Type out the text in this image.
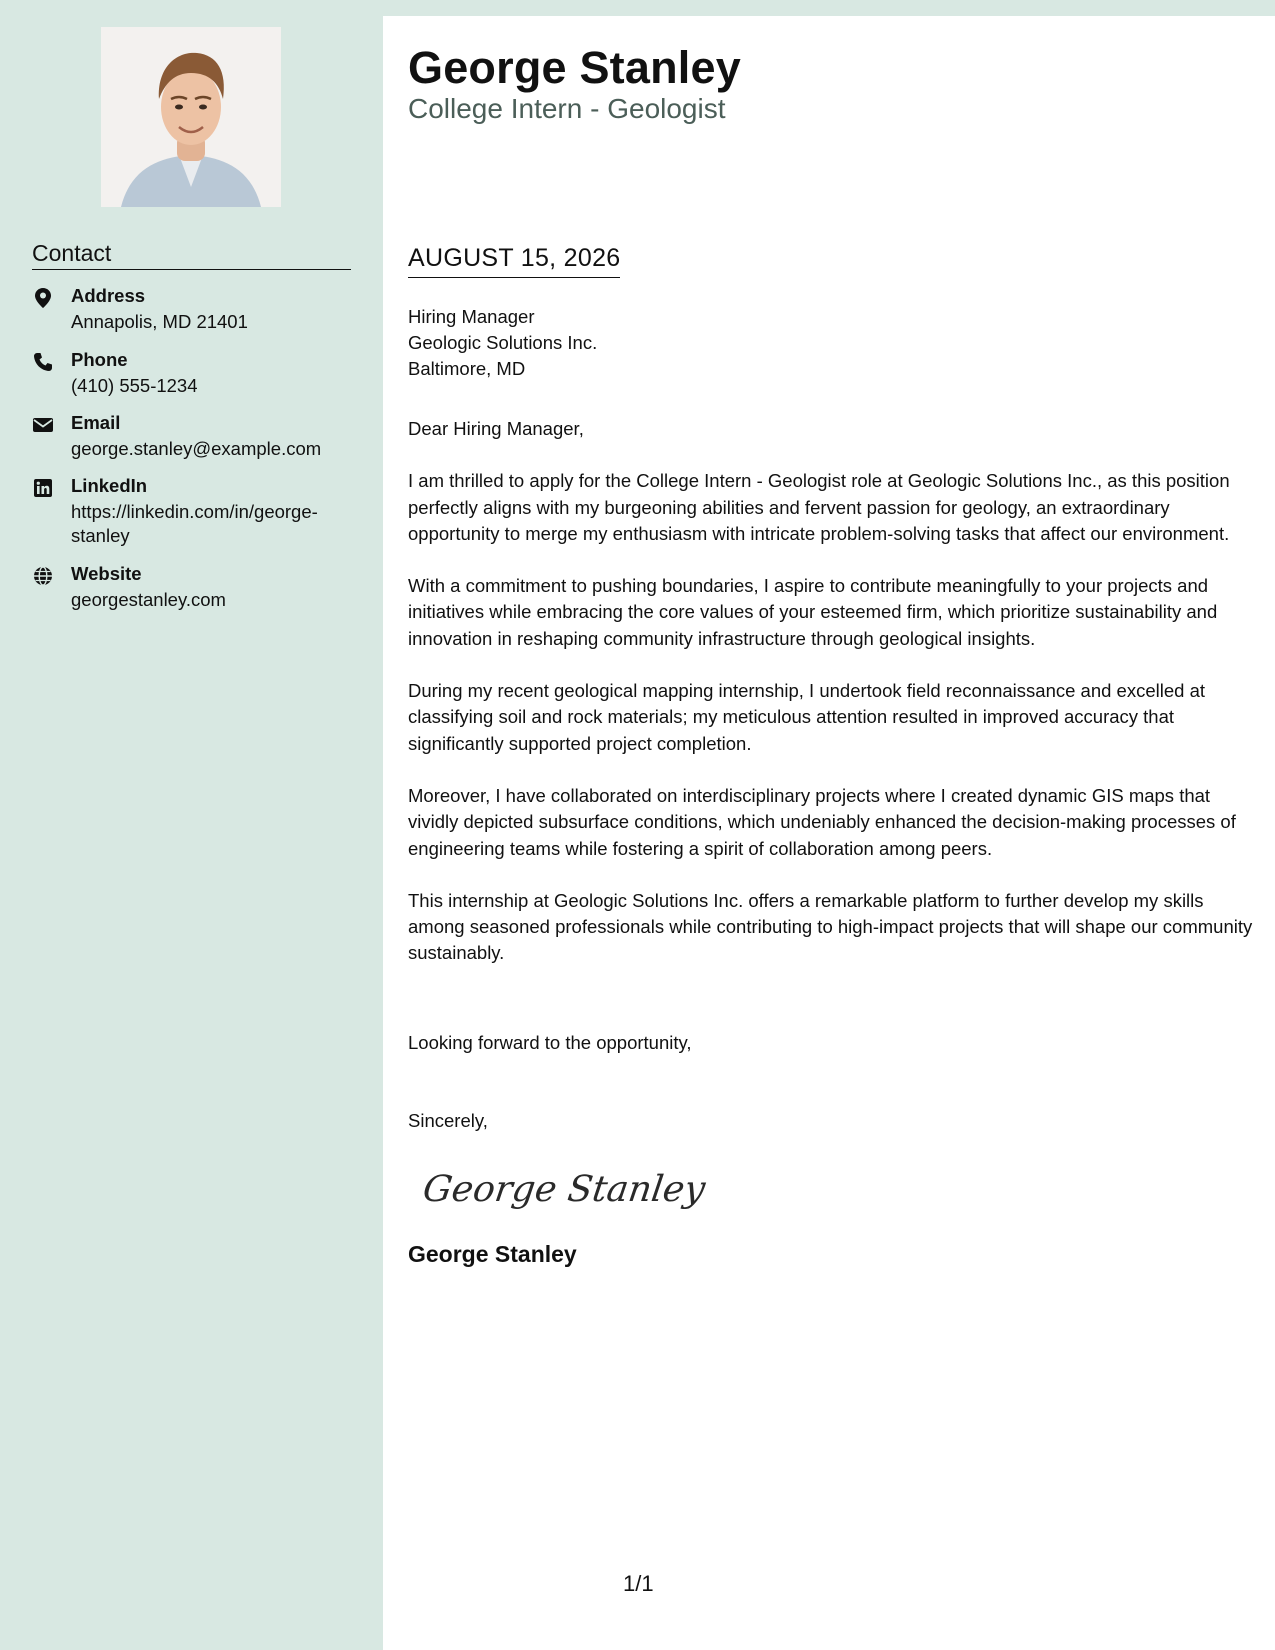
Contact
Address
Annapolis, MD 21401
Phone
(410) 555-1234
Email
george.stanley@example.com
LinkedIn
https://linkedin.com/in/george-stanley
Website
georgestanley.com
George Stanley
College Intern - Geologist
AUGUST 15, 2026
Hiring Manager
Geologic Solutions Inc.
Baltimore, MD

Dear Hiring Manager,

I am thrilled to apply for the College Intern - Geologist role at Geologic Solutions Inc., as this position perfectly aligns with my burgeoning abilities and fervent passion for geology, an extraordinary opportunity to merge my enthusiasm with intricate problem-solving tasks that affect our environment.

With a commitment to pushing boundaries, I aspire to contribute meaningfully to your projects and initiatives while embracing the core values of your esteemed firm, which prioritize sustainability and innovation in reshaping community infrastructure through geological insights.

During my recent geological mapping internship, I undertook field reconnaissance and excelled at classifying soil and rock materials; my meticulous attention resulted in improved accuracy that significantly supported project completion.

Moreover, I have collaborated on interdisciplinary projects where I created dynamic GIS maps that vividly depicted subsurface conditions, which undeniably enhanced the decision-making processes of engineering teams while fostering a spirit of collaboration among peers.

This internship at Geologic Solutions Inc. offers a remarkable platform to further develop my skills among seasoned professionals while contributing to high-impact projects that will shape our community sustainably.

Looking forward to the opportunity,
Sincerely,
George Stanley
George Stanley
1/1
